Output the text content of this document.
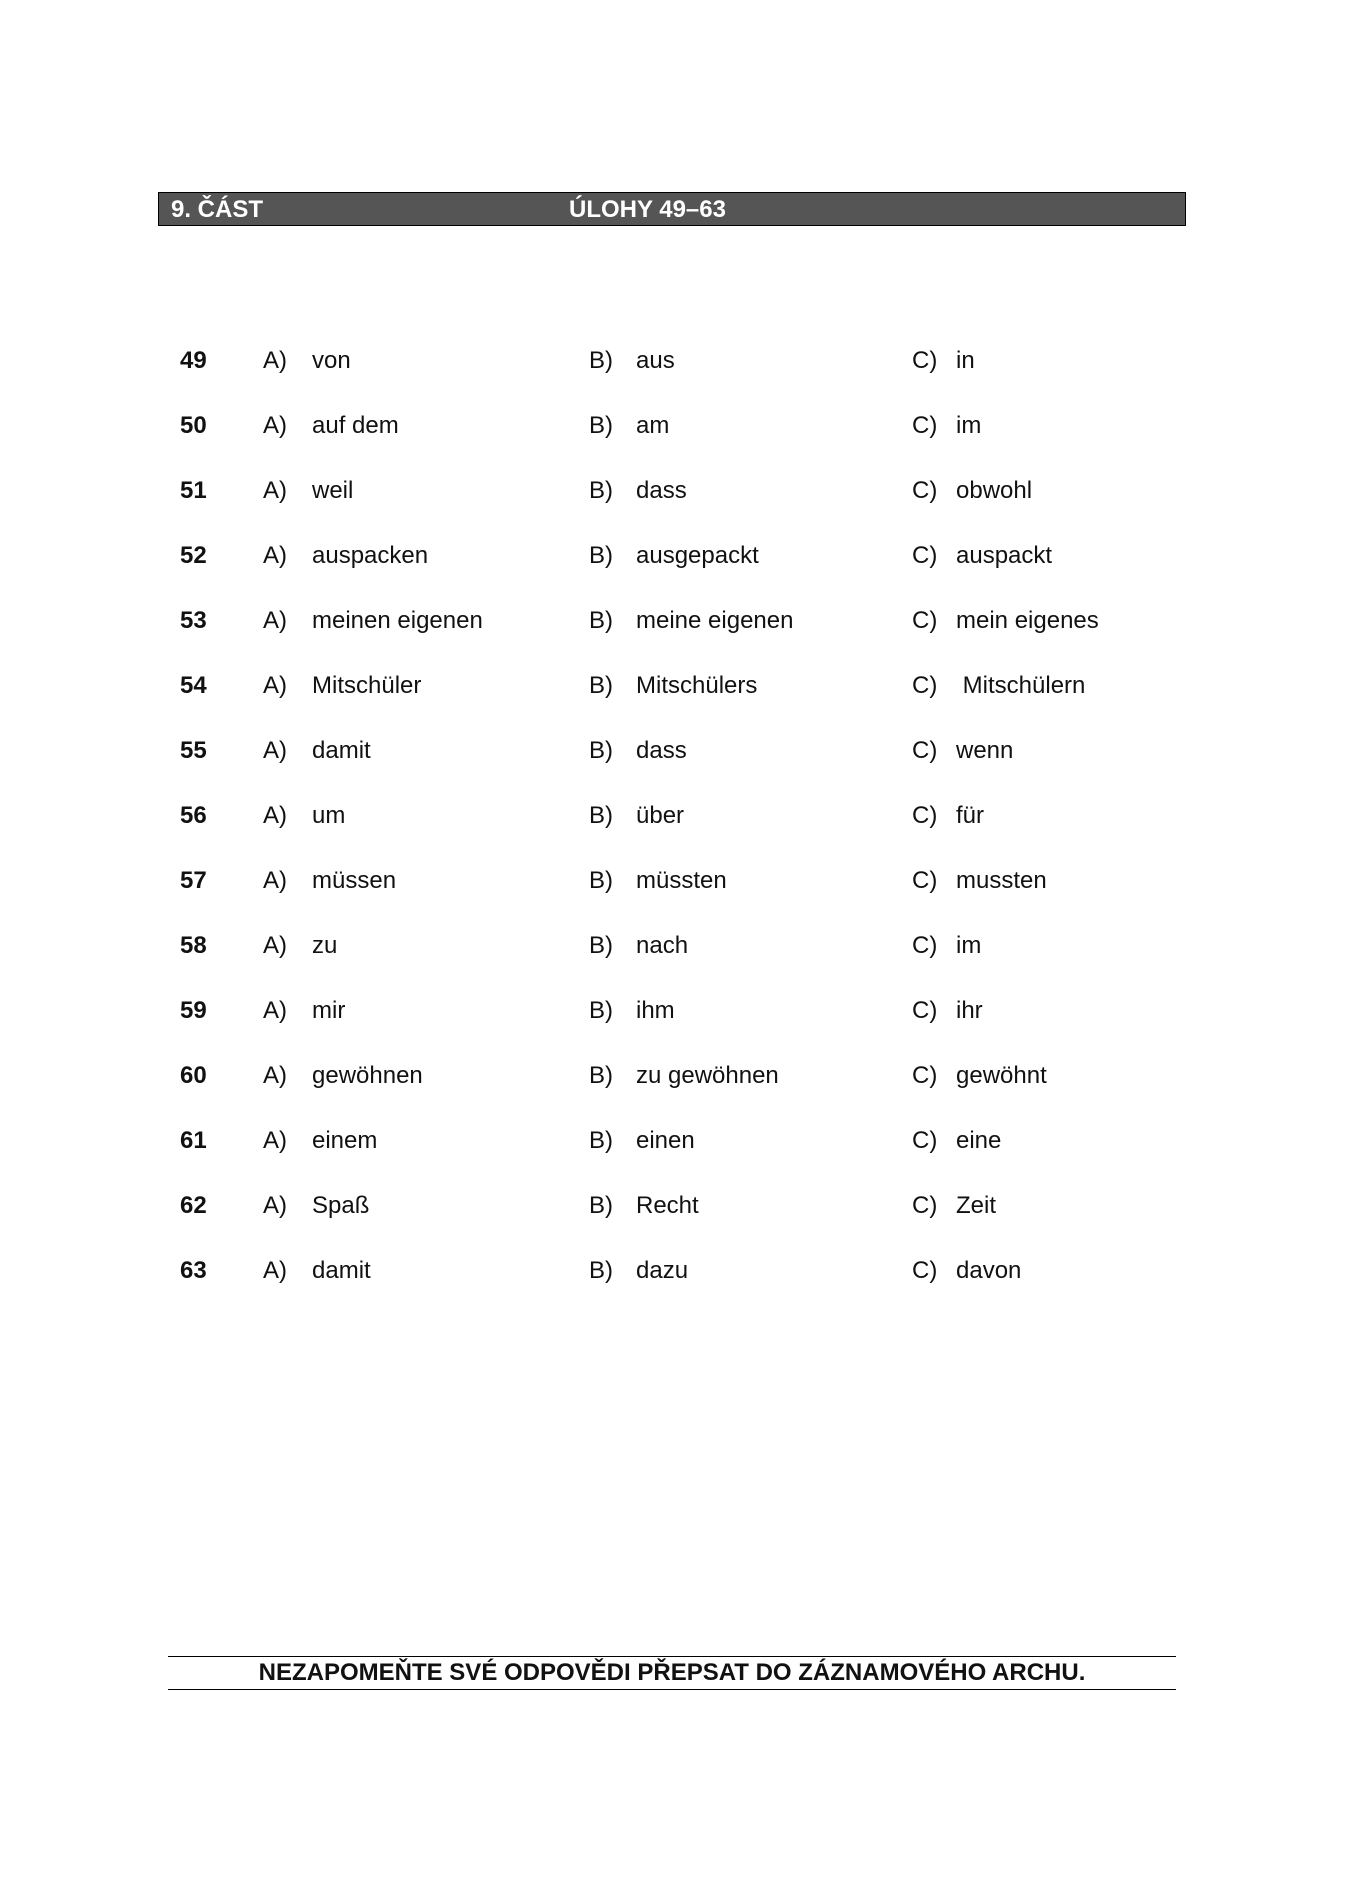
9. ČÁST	ÚLOHY 49–63
49 A) von	B) aus	C) in
50 A) auf dem	B) am	C) im
51 A) weil	B) dass	C) obwohl
52 A) auspacken	B) ausgepackt	C) auspackt
53 A) meinen eigenen	B) meine eigenen	C) mein eigenes
54 A) Mitschüler	B) Mitschülers	C) Mitschülern
55 A) damit	B) dass	C) wenn
56 A) um	B) über	C) für
57 A) müssen	B) müssten	C) mussten
58 A) zu	B) nach	C) im
59 A) mir	B) ihm	C) ihr
60 A) gewöhnen	B) zu gewöhnen	C) gewöhnt
61 A) einem	B) einen	C) eine
62 A) Spaß	B) Recht	C) Zeit
63 A) damit	B) dazu	C) davon
NEZAPOMEŇTE SVÉ ODPOVĚDI PŘEPSAT DO ZÁZNAMOVÉHO ARCHU.
